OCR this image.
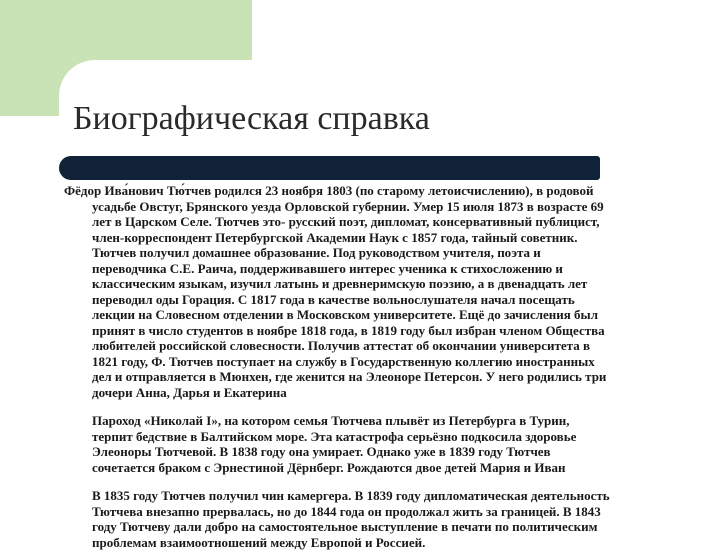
Биографическая справка

Фёдор Ива́нович Тю́тчев родился 23 ноября 1803 (по старому летоисчислению), в родовой
усадьбе Овстуг, Брянского уезда Орловской губернии. Умер 15 июля 1873 в возрасте 69
лет в Царском Селе. Тютчев это- русский поэт, дипломат, консервативный публицист,
член-корреспондент Петербургской Академии Наук с 1857 года, тайный советник.
Тютчев получил домашнее образование. Под руководством учителя, поэта и
переводчика С.Е. Раича, поддерживавшего интерес ученика к стихосложению и
классическим языкам, изучил латынь и древнеримскую поэзию, а в двенадцать лет
переводил оды Горация. С 1817 года в качестве вольнослушателя начал посещать
лекции на Словесном отделении в Московском университете. Ещё до зачисления был
принят в число студентов в ноябре 1818 года, в 1819 году был избран членом Общества
любителей российской словесности. Получив аттестат об окончании университета в
1821 году, Ф. Тютчев поступает на службу в Государственную коллегию иностранных
дел и отправляется в Мюнхен, где женится на Элеоноре Петерсон. У него родились три
дочери Анна, Дарья и Екатерина

Пароход «Николай I», на котором семья Тютчева плывёт из Петербурга в Турин,
терпит бедствие в Балтийском море. Эта катастрофа серьёзно подкосила здоровье
Элеоноры Тютчевой. В 1838 году она умирает. Однако уже в 1839 году Тютчев
сочетается браком с Эрнестиной Дёрнберг. Рождаются двое детей Мария и Иван

В 1835 году Тютчев получил чин камергера. В 1839 году дипломатическая деятельность
Тютчева внезапно прервалась, но до 1844 года он продолжал жить за границей. В 1843
году Тютчеву дали добро на самостоятельное выступление в печати по политическим
проблемам взаимоотношений между Европой и Россией.
